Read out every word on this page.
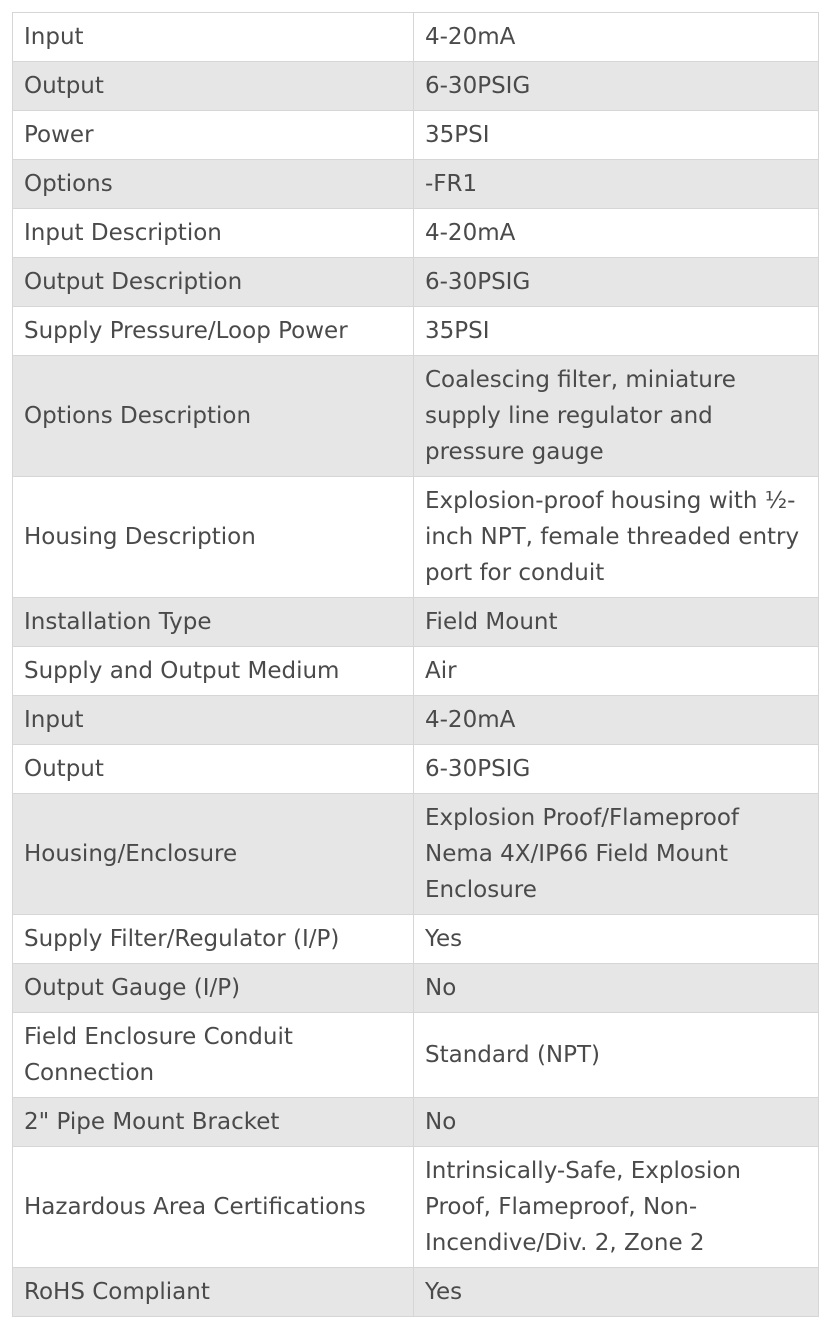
Input	4-20mA
Output	6-30PSIG
Power	35PSI
Options	-FR1
Input Description	4-20mA
Output Description	6-30PSIG
Supply Pressure/Loop Power	35PSI
Options Description	Coalescing filter, miniature supply line regulator and pressure gauge
Housing Description	Explosion-proof housing with ½-inch NPT, female threaded entry port for conduit
Installation Type	Field Mount
Supply and Output Medium	Air
Input	4-20mA
Output	6-30PSIG
Housing/Enclosure	Explosion Proof/Flameproof Nema 4X/IP66 Field Mount Enclosure
Supply Filter/Regulator (I/P)	Yes
Output Gauge (I/P)	No
Field Enclosure Conduit Connection	Standard (NPT)
2" Pipe Mount Bracket	No
Hazardous Area Certifications	Intrinsically-Safe, Explosion Proof, Flameproof, Non-Incendive/Div. 2, Zone 2
RoHS Compliant	Yes
